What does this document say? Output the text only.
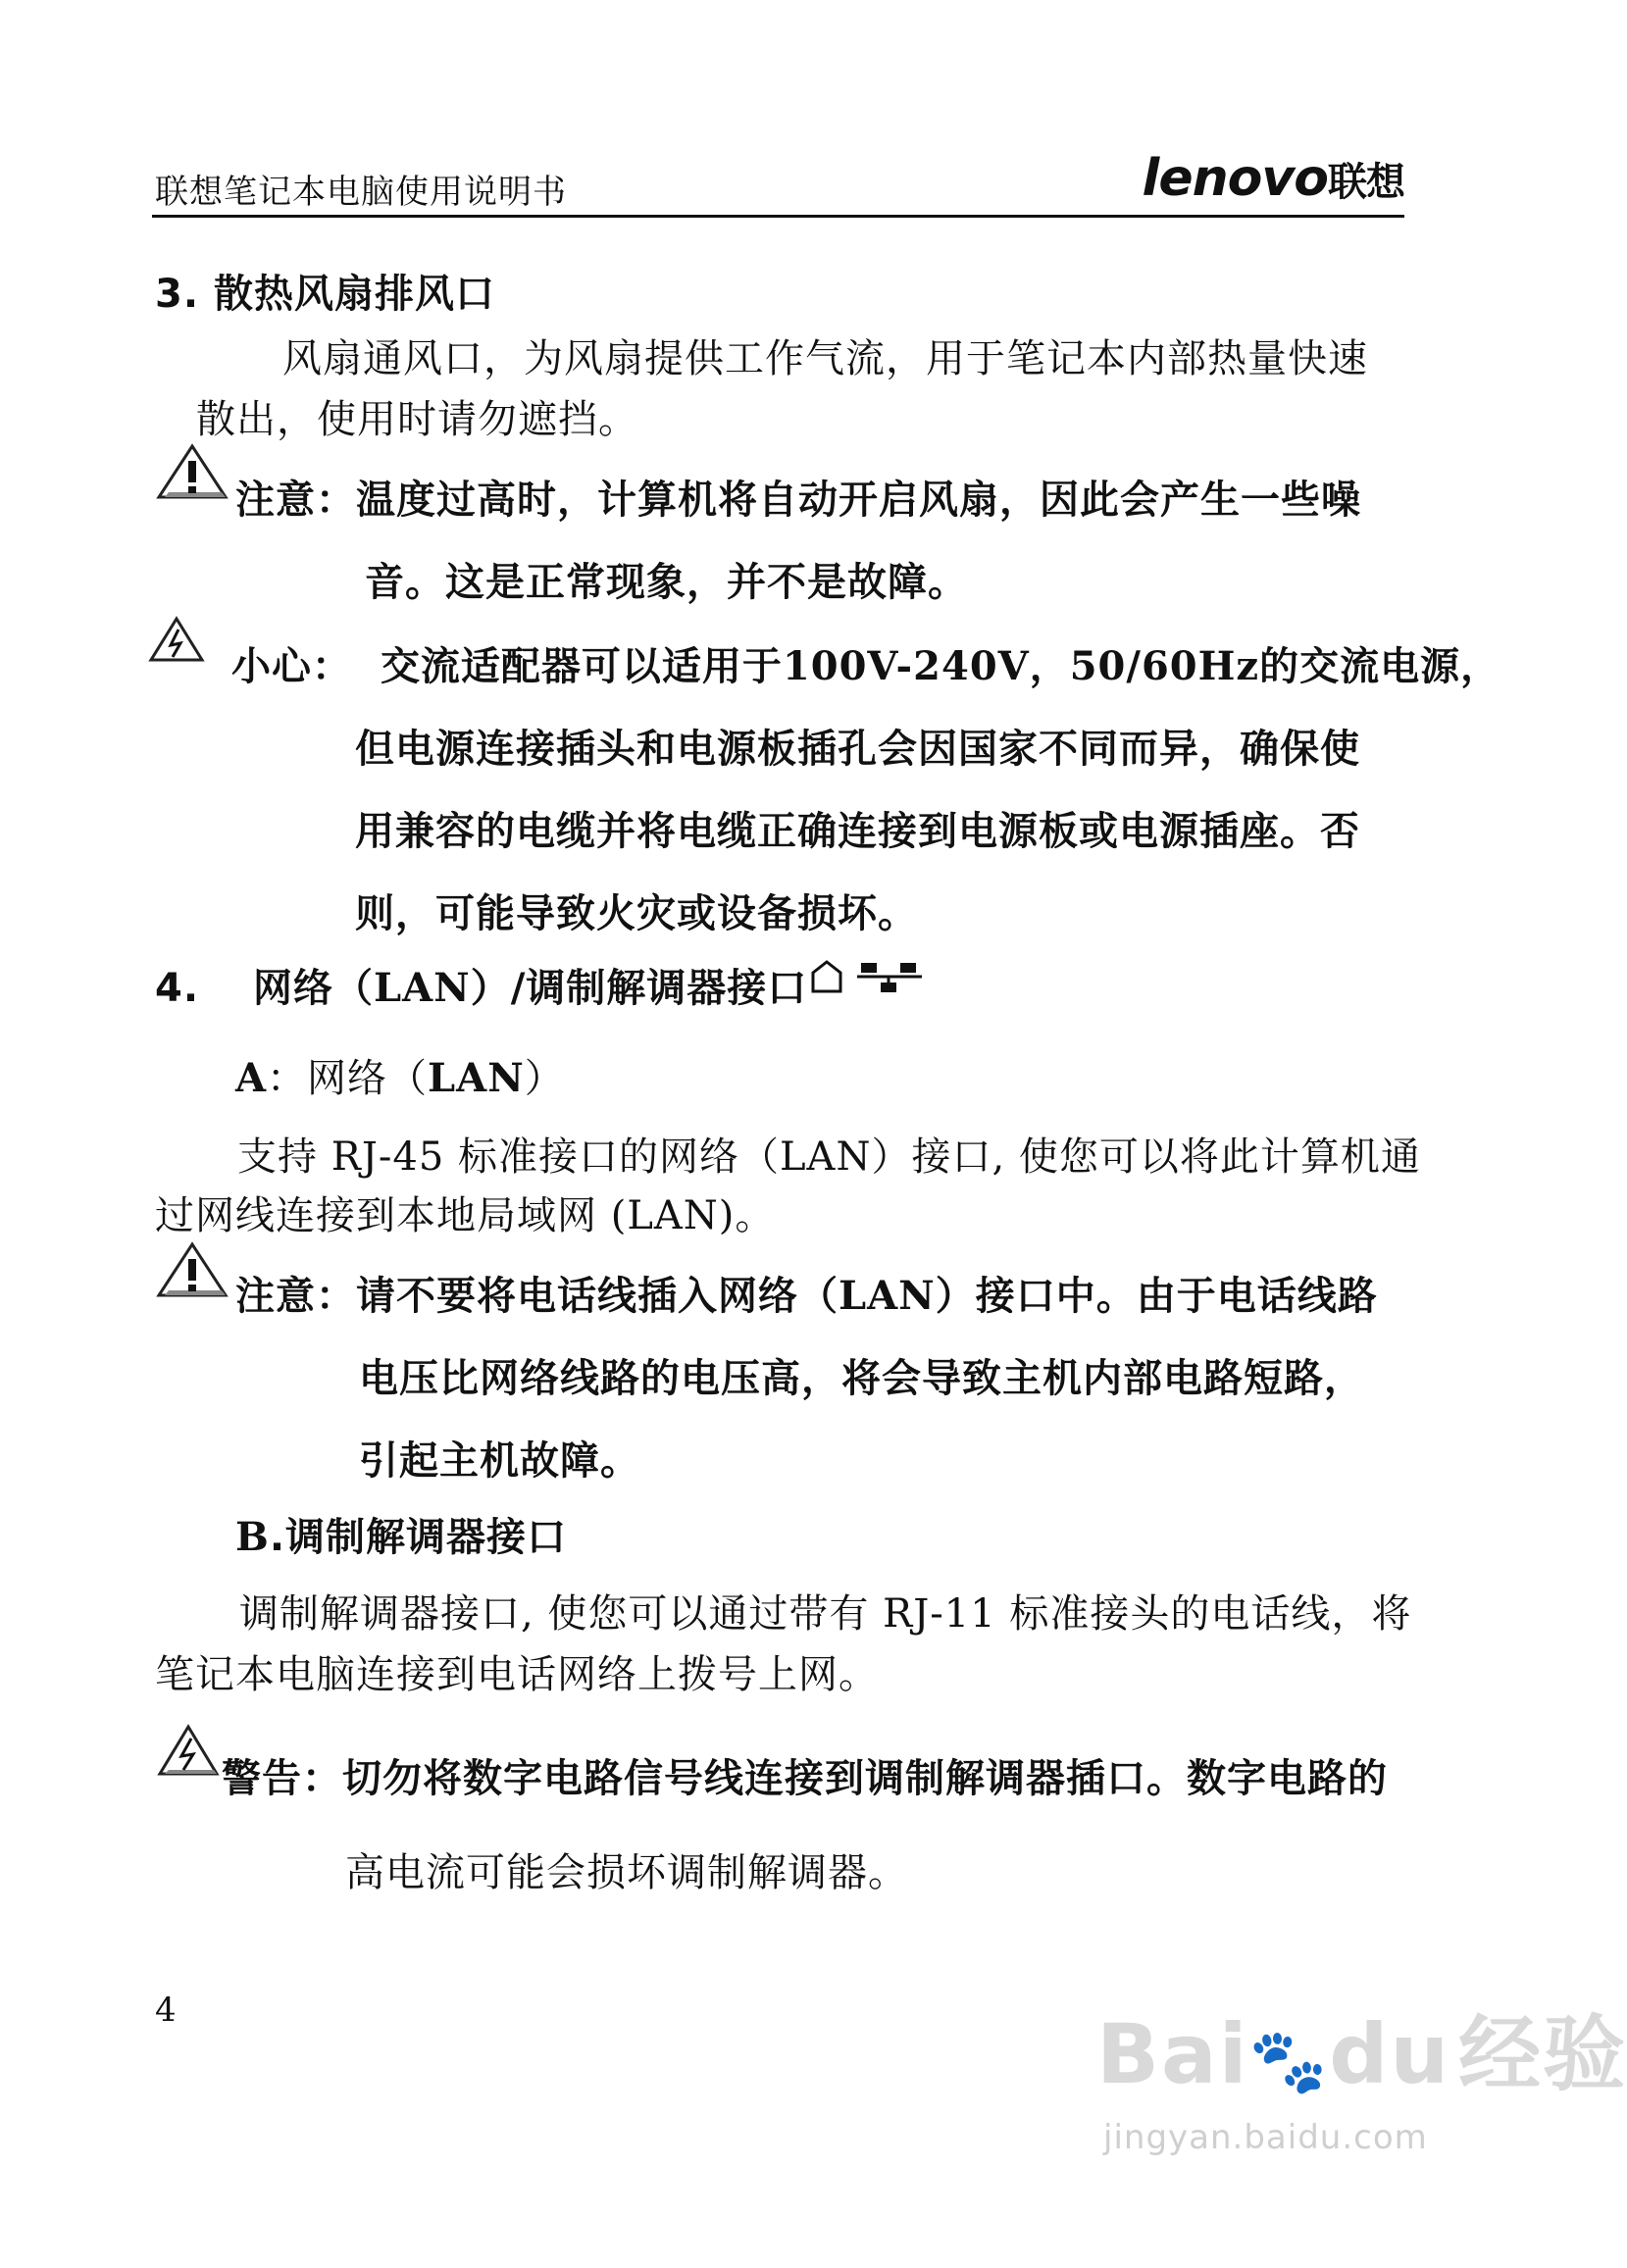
联想笔记本电脑使用说明书	lenovo联想
3. 散热风扇排风口
风扇通风口，为风扇提供工作气流，用于笔记本内部热量快速
散出，使用时请勿遮挡。
注意：温度过高时，计算机将自动开启风扇，因此会产生一些噪
音。这是正常现象，并不是故障。
小心： 交流适配器可以适用于100V-240V，50/60Hz的交流电源，
但电源连接插头和电源板插孔会因国家不同而异，确保使
用兼容的电缆并将电缆正确连接到电源板或电源插座。否
则，可能导致火灾或设备损坏。
4. 网络（LAN）/调制解调器接口
A：网络（LAN）
支持 RJ-45 标准接口的网络（LAN）接口, 使您可以将此计算机通
过网线连接到本地局域网 (LAN)。
注意：请不要将电话线插入网络（LAN）接口中。由于电话线路
电压比网络线路的电压高，将会导致主机内部电路短路，
引起主机故障。
B.调制解调器接口
调制解调器接口, 使您可以通过带有 RJ-11 标准接头的电话线，将
笔记本电脑连接到电话网络上拨号上网。
警告：切勿将数字电路信号线连接到调制解调器插口。数字电路的
高电流可能会损坏调制解调器。
4	Bai🐾du经验
jingyan.baidu.com
